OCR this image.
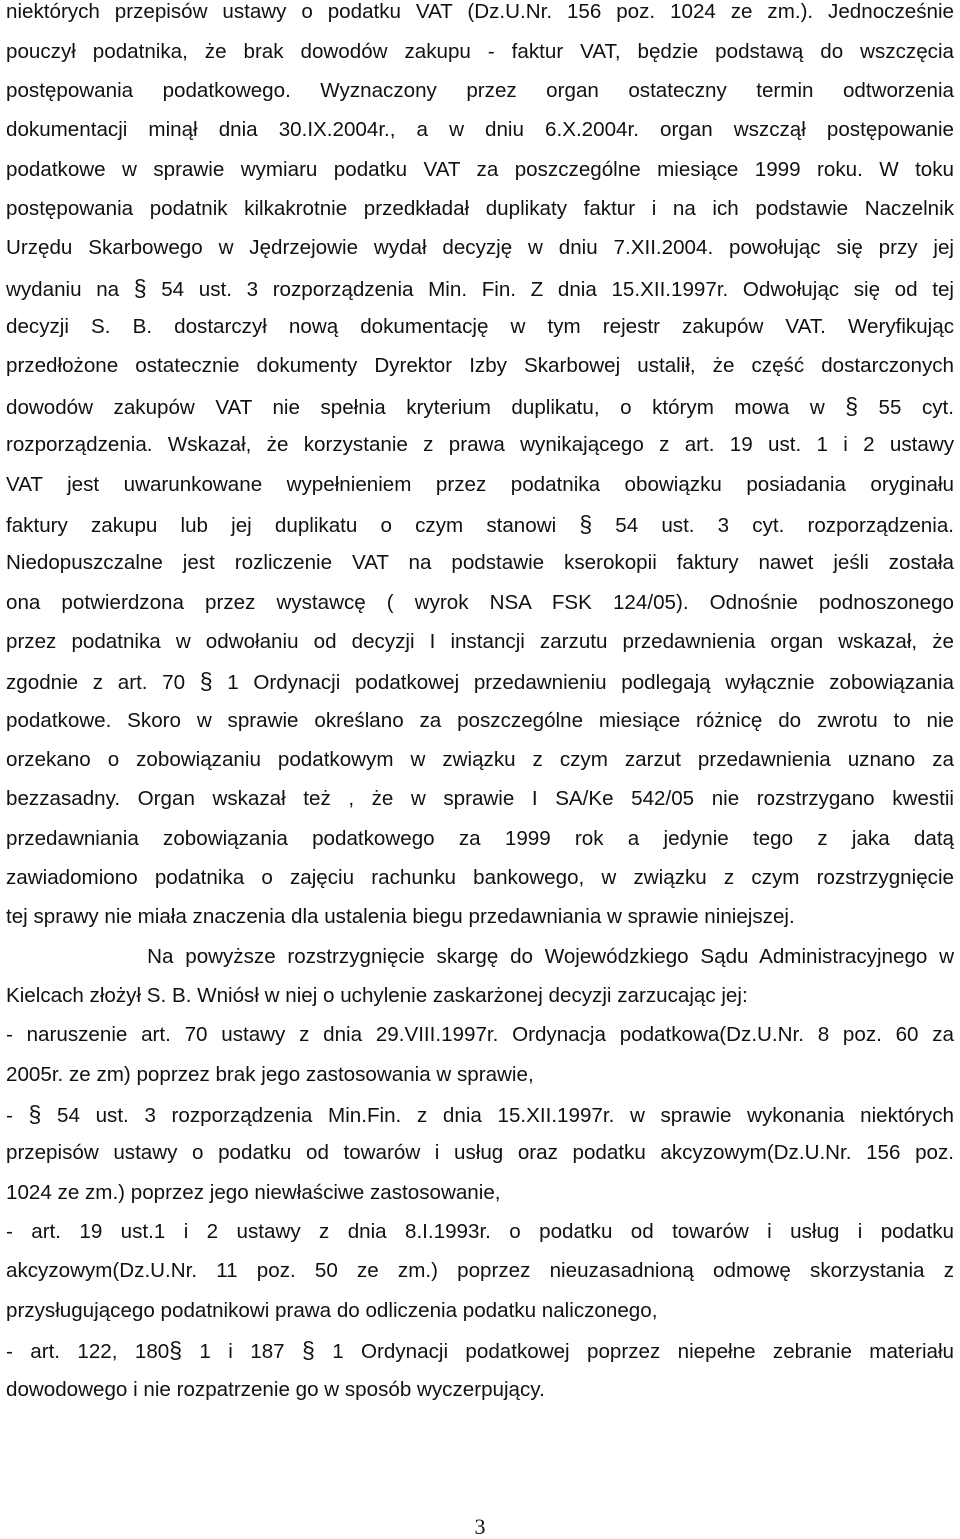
niektórych przepisów ustawy o podatku VAT (Dz.U.Nr. 156 poz. 1024 ze zm.). Jednocześnie
pouczył podatnika, że brak dowodów zakupu - faktur VAT, będzie podstawą do wszczęcia
postępowania podatkowego. Wyznaczony przez organ ostateczny termin odtworzenia
dokumentacji minął dnia 30.IX.2004r., a w dniu 6.X.2004r. organ wszczął postępowanie
podatkowe w sprawie wymiaru podatku VAT za poszczególne miesiące 1999 roku. W toku
postępowania podatnik kilkakrotnie przedkładał duplikaty faktur i na ich podstawie Naczelnik
Urzędu Skarbowego w Jędrzejowie wydał decyzję w dniu 7.XII.2004. powołując się przy jej
wydaniu na § 54 ust. 3 rozporządzenia Min. Fin. Z dnia 15.XII.1997r. Odwołując się od tej
decyzji S. B. dostarczył nową dokumentację w tym rejestr zakupów VAT. Weryfikując
przedłożone ostatecznie dokumenty Dyrektor Izby Skarbowej ustalił, że część dostarczonych
dowodów zakupów VAT nie spełnia kryterium duplikatu, o którym mowa w § 55 cyt.
rozporządzenia. Wskazał, że korzystanie z prawa wynikającego z art. 19 ust. 1 i 2 ustawy
VAT jest uwarunkowane wypełnieniem przez podatnika obowiązku posiadania oryginału
faktury zakupu lub jej duplikatu o czym stanowi § 54 ust. 3 cyt. rozporządzenia.
Niedopuszczalne jest rozliczenie VAT na podstawie kserokopii faktury nawet jeśli została
ona potwierdzona przez wystawcę ( wyrok NSA FSK 124/05). Odnośnie podnoszonego
przez podatnika w odwołaniu od decyzji I instancji zarzutu przedawnienia organ wskazał, że
zgodnie z art. 70 § 1 Ordynacji podatkowej przedawnieniu podlegają wyłącznie zobowiązania
podatkowe. Skoro w sprawie określano za poszczególne miesiące różnicę do zwrotu to nie
orzekano o zobowiązaniu podatkowym w związku z czym zarzut przedawnienia uznano za
bezzasadny. Organ wskazał też , że w sprawie I SA/Ke 542/05 nie rozstrzygano kwestii
przedawniania zobowiązania podatkowego za 1999 rok a jedynie tego z jaka datą
zawiadomiono podatnika o zajęciu rachunku bankowego, w związku z czym rozstrzygnięcie
tej sprawy nie miała znaczenia dla ustalenia biegu przedawniania w sprawie niniejszej.
Na powyższe rozstrzygnięcie skargę do Wojewódzkiego Sądu Administracyjnego w
Kielcach złożył S. B. Wniósł w niej o uchylenie zaskarżonej decyzji zarzucając jej:
- naruszenie art. 70 ustawy z dnia 29.VIII.1997r. Ordynacja podatkowa(Dz.U.Nr. 8 poz. 60 za
2005r. ze zm) poprzez brak jego zastosowania w sprawie,
- § 54 ust. 3 rozporządzenia Min.Fin. z dnia 15.XII.1997r. w sprawie wykonania niektórych
przepisów ustawy o podatku od towarów i usług oraz podatku akcyzowym(Dz.U.Nr. 156 poz.
1024 ze zm.) poprzez jego niewłaściwe zastosowanie,
- art. 19 ust.1 i 2 ustawy z dnia 8.I.1993r. o podatku od towarów i usług i podatku
akcyzowym(Dz.U.Nr. 11 poz. 50 ze zm.) poprzez nieuzasadnioną odmowę skorzystania z
przysługującego podatnikowi prawa do odliczenia podatku naliczonego,
- art. 122, 180§ 1 i 187 § 1 Ordynacji podatkowej poprzez niepełne zebranie materiału
dowodowego i nie rozpatrzenie go w sposób wyczerpujący.
3
